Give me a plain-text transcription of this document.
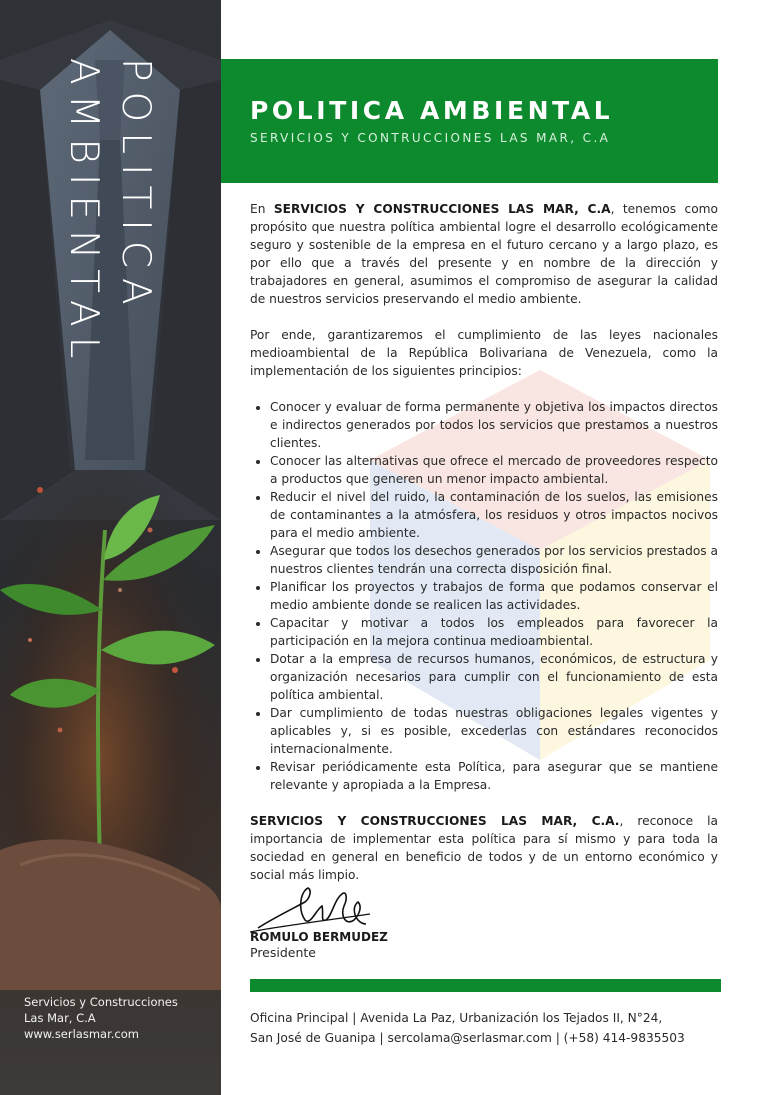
POLITICA
AMBIENTAL
Servicios y Construcciones
Las Mar, C.A
www.serlasmar.com
POLITICA AMBIENTAL
SERVICIOS Y CONTRUCCIONES LAS MAR, C.A

En SERVICIOS Y CONSTRUCCIONES LAS MAR, C.A, tenemos como propósito que nuestra política ambiental logre el desarrollo ecológicamente seguro y sostenible de la empresa en el futuro cercano y a largo plazo, es por ello que a través del presente y en nombre de la dirección y trabajadores en general, asumimos el compromiso de asegurar la calidad de nuestros servicios preservando el medio ambiente.

Por ende, garantizaremos el cumplimiento de las leyes nacionales medioambiental de la República Bolivariana de Venezuela, como la implementación de los siguientes principios:

• Conocer y evaluar de forma permanente y objetiva los impactos directos e indirectos generados por todos los servicios que prestamos a nuestros clientes.
• Conocer las alternativas que ofrece el mercado de proveedores respecto a productos que generen un menor impacto ambiental.
• Reducir el nivel del ruido, la contaminación de los suelos, las emisiones de contaminantes a la atmósfera, los residuos y otros impactos nocivos para el medio ambiente.
• Asegurar que todos los desechos generados por los servicios prestados a nuestros clientes tendrán una correcta disposición final.
• Planificar los proyectos y trabajos de forma que podamos conservar el medio ambiente donde se realicen las actividades.
• Capacitar y motivar a todos los empleados para favorecer la participación en la mejora continua medioambiental.
• Dotar a la empresa de recursos humanos, económicos, de estructura y organización necesarios para cumplir con el funcionamiento de esta política ambiental.
• Dar cumplimiento de todas nuestras obligaciones legales vigentes y aplicables y, si es posible, excederlas con estándares reconocidos internacionalmente.
• Revisar periódicamente esta Política, para asegurar que se mantiene relevante y apropiada a la Empresa.

SERVICIOS Y CONSTRUCCIONES LAS MAR, C.A., reconoce la importancia de implementar esta política para sí mismo y para toda la sociedad en general en beneficio de todos y de un entorno económico y social más limpio.

ROMULO BERMUDEZ
Presidente
Oficina Principal | Avenida La Paz, Urbanización los Tejados II, N°24,
San José de Guanipa | sercolama@serlasmar.com | (+58) 414-9835503
